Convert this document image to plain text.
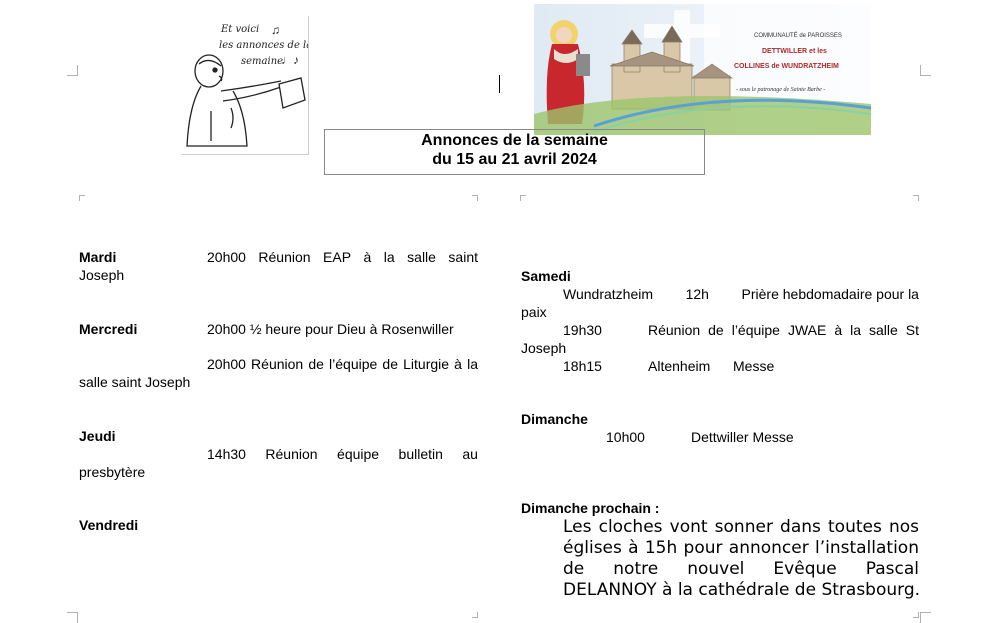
Et voici
les annonces de la
semaine
♫
♩♪
COMMUNAUTÉ de PAROISSES
DETTWILLER et les
COLLINES de WUNDRATZHEIM
- sous le patronage de Sainte Barbe -
Annonces de la semaine
du 15 au 21 avril 2024
Mardi	20h00 Réunion EAP à la salle saint
Joseph
Mercredi	20h00 ½ heure pour Dieu à Rosenwiller
20h00 Réunion de l’équipe de Liturgie à la
salle saint Joseph
Jeudi
14h30 Réunion équipe bulletin au
presbytère
Vendredi
Samedi
Wundratzheim 12h Prière hebdomadaire pour la
paix
19h30	Réunion de l’équipe JWAE à la salle St
Joseph
18h15	Altenheim Messe
Dimanche
10h00	Dettwiller Messe
Dimanche prochain :
Les cloches vont sonner dans toutes nos
églises à 15h pour annoncer l’installation
de notre nouvel Evêque Pascal
DELANNOY à la cathédrale de Strasbourg.
